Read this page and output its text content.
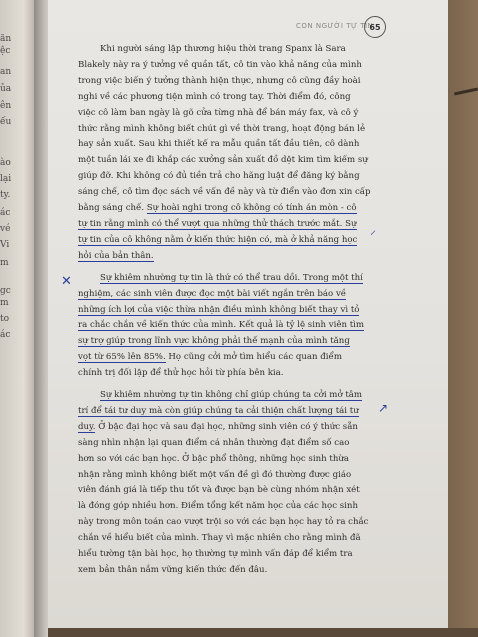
ăn
ệc
an
ủa
ên
ếu
ào
lại
ty.
ác
vé
Vi
m
gc
m
to
ác
CON NGƯỜI TỰ TIN
65
Khi người sáng lập thương hiệu thời trang Spanx là Sara
Blakely này ra ý tưởng về quần tất, cô tin vào khả năng của mình
trong việc biến ý tưởng thành hiện thực, nhưng cô cũng đầy hoài
nghi về các phương tiện mình có trong tay. Thời điểm đó, công
việc cô làm ban ngày là gõ cửa từng nhà để bán máy fax, và cô ý
thức rằng mình không biết chút gì về thời trang, hoạt động bán lẻ
hay sản xuất. Sau khi thiết kế ra mẫu quần tất đầu tiên, cô dành
một tuần lái xe đi khắp các xưởng sản xuất đồ dệt kim tìm kiếm sự
giúp đỡ. Khi không có đủ tiền trả cho hãng luật để đăng ký bằng
sáng chế, cô tìm đọc sách về vấn đề này và từ điển vào đơn xin cấp
bằng sáng chế. Sự hoài nghi trong cô không có tính án mòn - cô
tự tin rằng mình có thể vượt qua những thử thách trước mắt. Sự
tự tin của cô không nằm ở kiến thức hiện có, mà ở khả năng học
hỏi của bản thân.
Sự khiêm nhường tự tin là thứ có thể trau dồi. Trong một thí
nghiệm, các sinh viên được đọc một bài viết ngắn trên báo về
những ích lợi của việc thừa nhận điều mình không biết thay vì tỏ
ra chắc chắn về kiến thức của mình. Kết quả là tỷ lệ sinh viên tìm
sự trợ giúp trong lĩnh vực không phải thế mạnh của mình tăng
vọt từ 65% lên 85%. Họ cũng cởi mở tìm hiểu các quan điểm
chính trị đối lập để thử học hỏi từ phía bên kia.
Sự khiêm nhường tự tin không chỉ giúp chúng ta cởi mở tâm
trí để tái tư duy mà còn giúp chúng ta cải thiện chất lượng tái tư
duy. Ở bậc đại học và sau đại học, những sinh viên có ý thức sẵn
sàng nhìn nhận lại quan điểm cá nhân thường đạt điểm số cao
hơn so với các bạn học. Ở bậc phổ thông, những học sinh thừa
nhận rằng mình không biết một vấn đề gì đó thường được giáo
viên đánh giá là tiếp thu tốt và được bạn bè cùng nhóm nhận xét
là đóng góp nhiều hơn. Điểm tổng kết năm học của các học sinh
này trong môn toán cao vượt trội so với các bạn học hay tỏ ra chắc
chắn về hiểu biết của mình. Thay vì mặc nhiên cho rằng mình đã
hiểu tường tận bài học, họ thường tự mình vấn đáp để kiểm tra
xem bản thân nắm vững kiến thức đến đâu.
⸝
✕
↗
